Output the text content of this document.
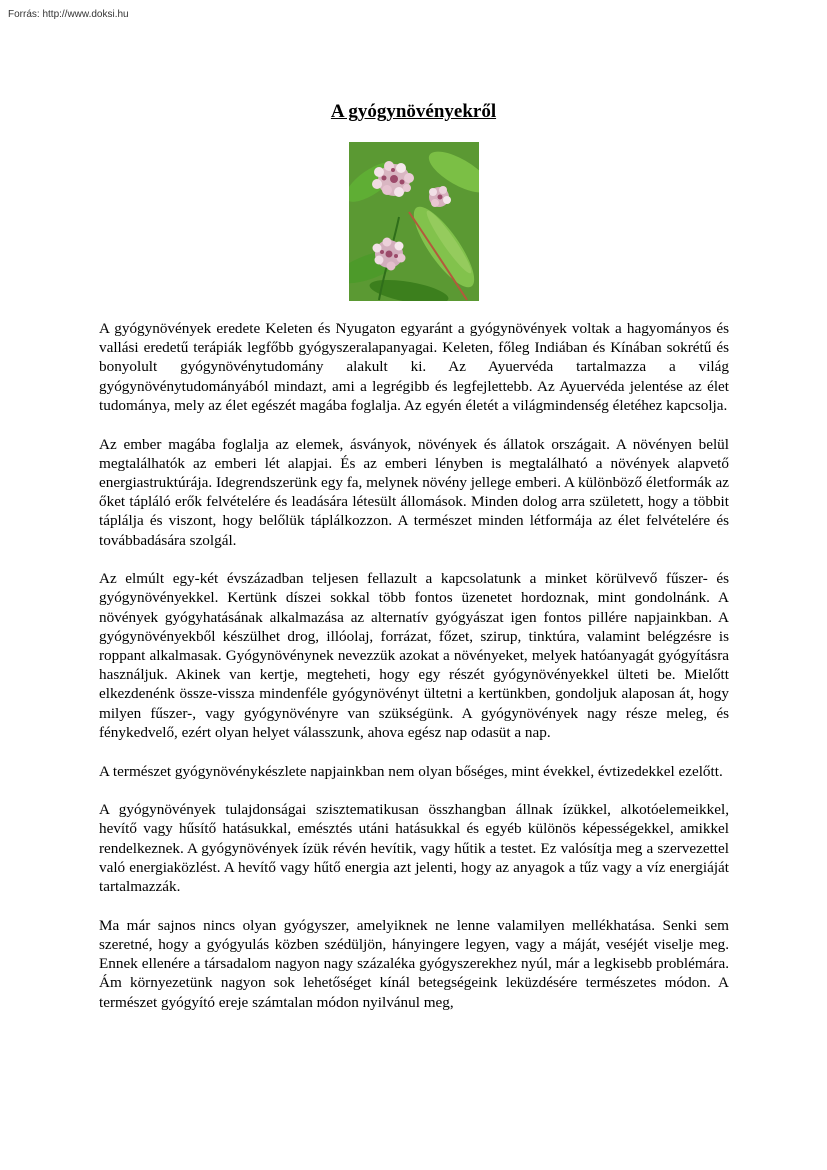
Forrás: http://www.doksi.hu
A gyógynövényekről

A gyógynövények eredete Keleten és Nyugaton egyaránt a gyógynövények voltak a hagyományos és vallási eredetű terápiák legfőbb gyógyszeralapanyagai. Keleten, főleg Indiában és Kínában sokrétű és bonyolult gyógynövénytudomány alakult ki. Az Ayuervéda tartalmazza a világ gyógynövénytudományából mindazt, ami a legrégibb és legfejlettebb. Az Ayuervéda jelentése az élet tudománya, mely az élet egészét magába foglalja. Az egyén életét a világmindenség életéhez kapcsolja.

Az ember magába foglalja az elemek, ásványok, növények és állatok országait. A növényen belül megtalálhatók az emberi lét alapjai. És az emberi lényben is megtalálható a növények alapvető energiastruktúrája. Idegrendszerünk egy fa, melynek növény jellege emberi. A különböző életformák az őket tápláló erők felvételére és leadására létesült állomások. Minden dolog arra született, hogy a többit táplálja és viszont, hogy belőlük táplálkozzon. A természet minden létformája az élet felvételére és továbbadására szolgál.

Az elmúlt egy-két évszázadban teljesen fellazult a kapcsolatunk a minket körülvevő fűszer- és gyógynövényekkel. Kertünk díszei sokkal több fontos üzenetet hordoznak, mint gondolnánk. A növények gyógyhatásának alkalmazása az alternatív gyógyászat igen fontos pillére napjainkban. A gyógynövényekből készülhet drog, illóolaj, forrázat, főzet, szirup, tinktúra, valamint belégzésre is roppant alkalmasak. Gyógynövénynek nevezzük azokat a növényeket, melyek hatóanyagát gyógyításra használjuk. Akinek van kertje, megteheti, hogy egy részét gyógynövényekkel ülteti be. Mielőtt elkezdenénk össze-vissza mindenféle gyógynövényt ültetni a kertünkben, gondoljuk alaposan át, hogy milyen fűszer-, vagy gyógynövényre van szükségünk. A gyógynövények nagy része meleg, és fénykedvelő, ezért olyan helyet válasszunk, ahova egész nap odasüt a nap.

A természet gyógynövénykészlete napjainkban nem olyan bőséges, mint évekkel, évtizedekkel ezelőtt.

A gyógynövények tulajdonságai szisztematikusan összhangban állnak ízükkel, alkotóelemeikkel, hevítő vagy hűsítő hatásukkal, emésztés utáni hatásukkal és egyéb különös képességekkel, amikkel rendelkeznek. A gyógynövények ízük révén hevítik, vagy hűtik a testet. Ez valósítja meg a szervezettel való energiaközlést. A hevítő vagy hűtő energia azt jelenti, hogy az anyagok a tűz vagy a víz energiáját tartalmazzák.

Ma már sajnos nincs olyan gyógyszer, amelyiknek ne lenne valamilyen mellékhatása. Senki sem szeretné, hogy a gyógyulás közben szédüljön, hányingere legyen, vagy a máját, veséjét viselje meg. Ennek ellenére a társadalom nagyon nagy százaléka gyógyszerekhez nyúl, már a legkisebb problémára. Ám környezetünk nagyon sok lehetőséget kínál betegségeink leküzdésére természetes módon. A természet gyógyító ereje számtalan módon nyilvánul meg,
